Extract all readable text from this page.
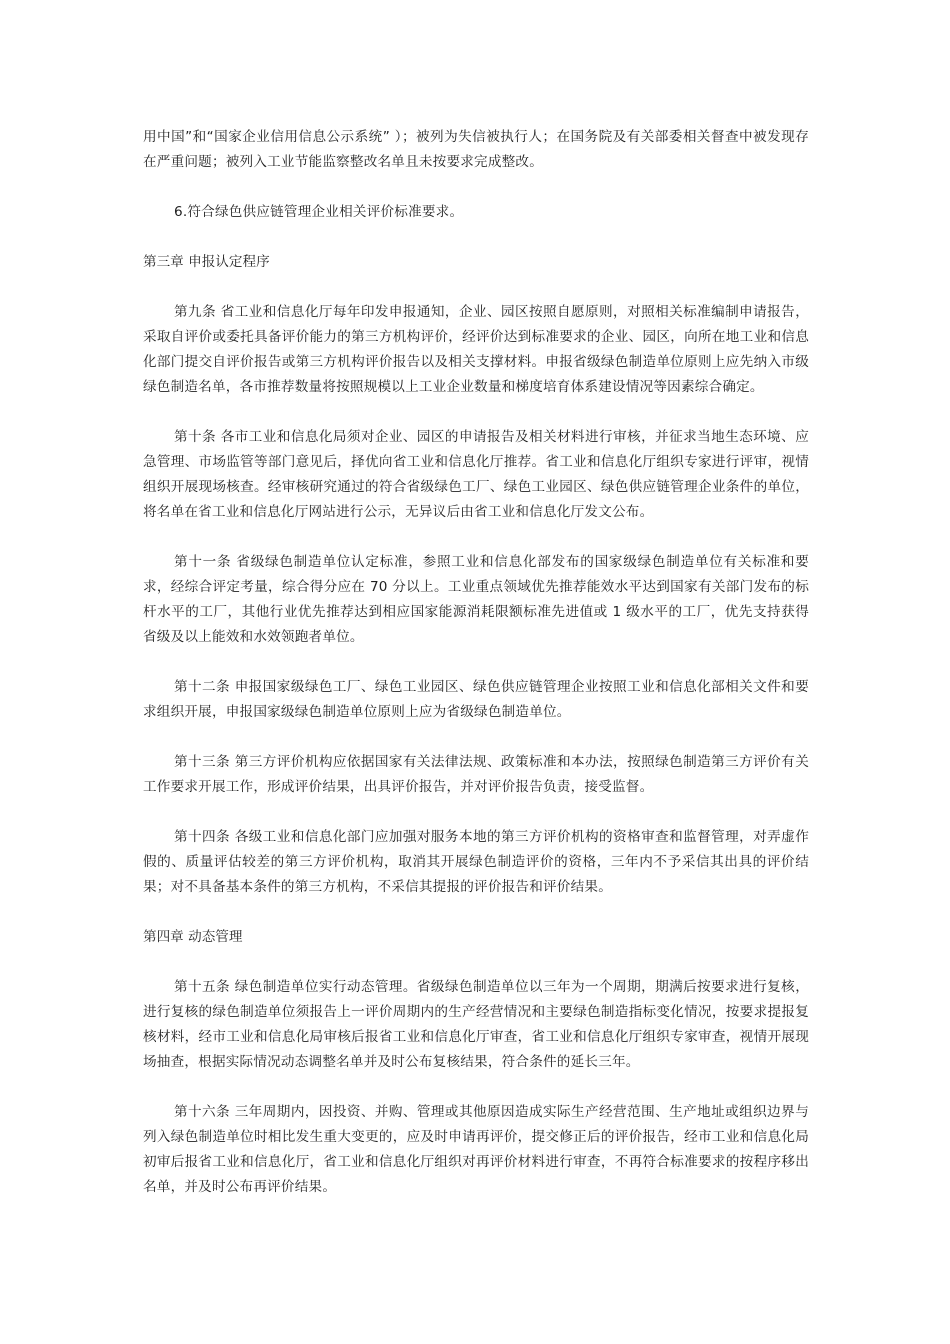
用中国”和“国家企业信用信息公示系统” ）；被列为失信被执行人；在国务院及有关部委相关督查中被发现存在严重问题；被列入工业节能监察整改名单且未按要求完成整改。

6.符合绿色供应链管理企业相关评价标准要求。

第三章 申报认定程序

第九条 省工业和信息化厅每年印发申报通知，企业、园区按照自愿原则，对照相关标准编制申请报告，采取自评价或委托具备评价能力的第三方机构评价，经评价达到标准要求的企业、园区，向所在地工业和信息化部门提交自评价报告或第三方机构评价报告以及相关支撑材料。申报省级绿色制造单位原则上应先纳入市级绿色制造名单，各市推荐数量将按照规模以上工业企业数量和梯度培育体系建设情况等因素综合确定。

第十条 各市工业和信息化局须对企业、园区的申请报告及相关材料进行审核，并征求当地生态环境、应急管理、市场监管等部门意见后，择优向省工业和信息化厅推荐。省工业和信息化厅组织专家进行评审，视情组织开展现场核查。经审核研究通过的符合省级绿色工厂、绿色工业园区、绿色供应链管理企业条件的单位，将名单在省工业和信息化厅网站进行公示，无异议后由省工业和信息化厅发文公布。

第十一条 省级绿色制造单位认定标准，参照工业和信息化部发布的国家级绿色制造单位有关标准和要求，经综合评定考量，综合得分应在 70 分以上。工业重点领域优先推荐能效水平达到国家有关部门发布的标杆水平的工厂，其他行业优先推荐达到相应国家能源消耗限额标准先进值或 1 级水平的工厂，优先支持获得省级及以上能效和水效领跑者单位。

第十二条 申报国家级绿色工厂、绿色工业园区、绿色供应链管理企业按照工业和信息化部相关文件和要求组织开展，申报国家级绿色制造单位原则上应为省级绿色制造单位。

第十三条 第三方评价机构应依据国家有关法律法规、政策标准和本办法，按照绿色制造第三方评价有关工作要求开展工作，形成评价结果，出具评价报告，并对评价报告负责，接受监督。

第十四条 各级工业和信息化部门应加强对服务本地的第三方评价机构的资格审查和监督管理，对弄虚作假的、质量评估较差的第三方评价机构，取消其开展绿色制造评价的资格，三年内不予采信其出具的评价结果；对不具备基本条件的第三方机构，不采信其提报的评价报告和评价结果。

第四章 动态管理

第十五条 绿色制造单位实行动态管理。省级绿色制造单位以三年为一个周期，期满后按要求进行复核，进行复核的绿色制造单位须报告上一评价周期内的生产经营情况和主要绿色制造指标变化情况，按要求提报复核材料，经市工业和信息化局审核后报省工业和信息化厅审查，省工业和信息化厅组织专家审查，视情开展现场抽查，根据实际情况动态调整名单并及时公布复核结果，符合条件的延长三年。

第十六条 三年周期内，因投资、并购、管理或其他原因造成实际生产经营范围、生产地址或组织边界与列入绿色制造单位时相比发生重大变更的，应及时申请再评价，提交修正后的评价报告，经市工业和信息化局初审后报省工业和信息化厅，省工业和信息化厅组织对再评价材料进行审查，不再符合标准要求的按程序移出名单，并及时公布再评价结果。
